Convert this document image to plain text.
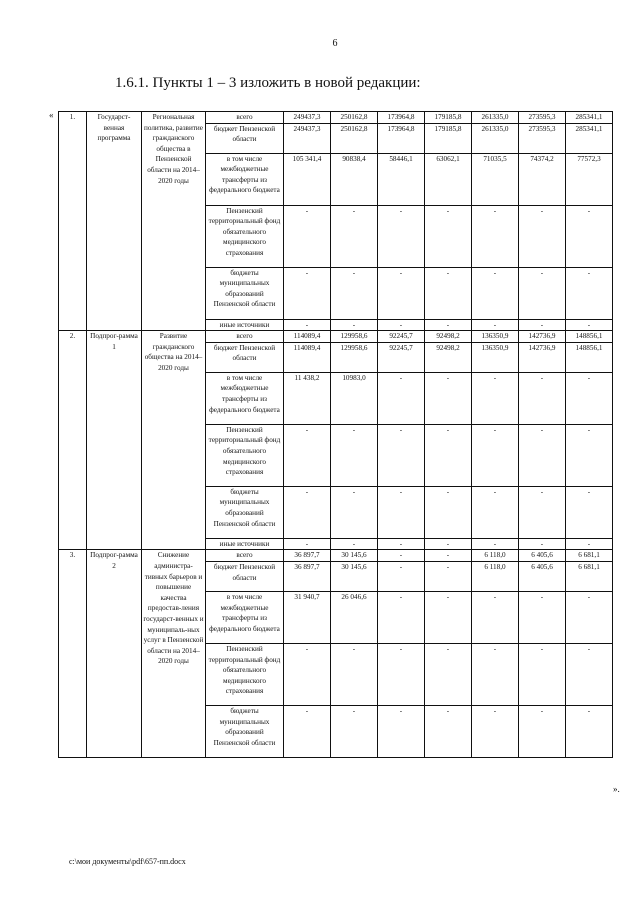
6
1.6.1. Пункты 1 – 3 изложить в новой редакции:
«
».
1.	Государст-венная программа	Региональная политика, развитие гражданского общества в Пензенской области на 2014–2020 годы	всего	249437,3	250162,8	173964,8	179185,8	261335,0	273595,3	285341,1
			бюджет Пензенской области	249437,3	250162,8	173964,8	179185,8	261335,0	273595,3	285341,1
			в том числе межбюджетные трансферты из федерального бюджета	105 341,4	90838,4	58446,1	63062,1	71035,5	74374,2	77572,3
			Пензенский территориальный фонд обязательного медицинского страхования	-	-	-	-	-	-	-
			бюджеты муниципальных образований Пензенской области	-	-	-	-	-	-	-
			иные источники	-	-	-	-	-	-	-
2.	Подпрог-рамма 1	Развитие гражданского общества на 2014–2020 годы	всего	114089,4	129958,6	92245,7	92498,2	136350,9	142736,9	148856,1
			бюджет Пензенской области	114089,4	129958,6	92245,7	92498,2	136350,9	142736,9	148856,1
			в том числе межбюджетные трансферты из федерального бюджета	11 438,2	10983,0	-	-	-	-	-
			Пензенский территориальный фонд обязательного медицинского страхования	-	-	-	-	-	-	-
			бюджеты муниципальных образований Пензенской области	-	-	-	-	-	-	-
			иные источники	-	-	-	-	-	-	-
3.	Подпрог-рамма 2	Снижение администра-тивных барьеров и повышение качества предостав-ления государст-венных и муниципаль-ных услуг в Пензенской области на 2014–2020 годы	всего	36 897,7	30 145,6	-	-	6 118,0	6 405,6	6 681,1
			бюджет Пензенской области	36 897,7	30 145,6	-	-	6 118,0	6 405,6	6 681,1
			в том числе межбюджетные трансферты из федерального бюджета	31 940,7	26 046,6	-	-	-	-	-
			Пензенский территориальный фонд обязательного медицинского страхования	-	-	-	-	-	-	-
			бюджеты муниципальных образований Пензенской области	-	-	-	-	-	-	-
c:\мои документы\pdf\657-пп.docx
